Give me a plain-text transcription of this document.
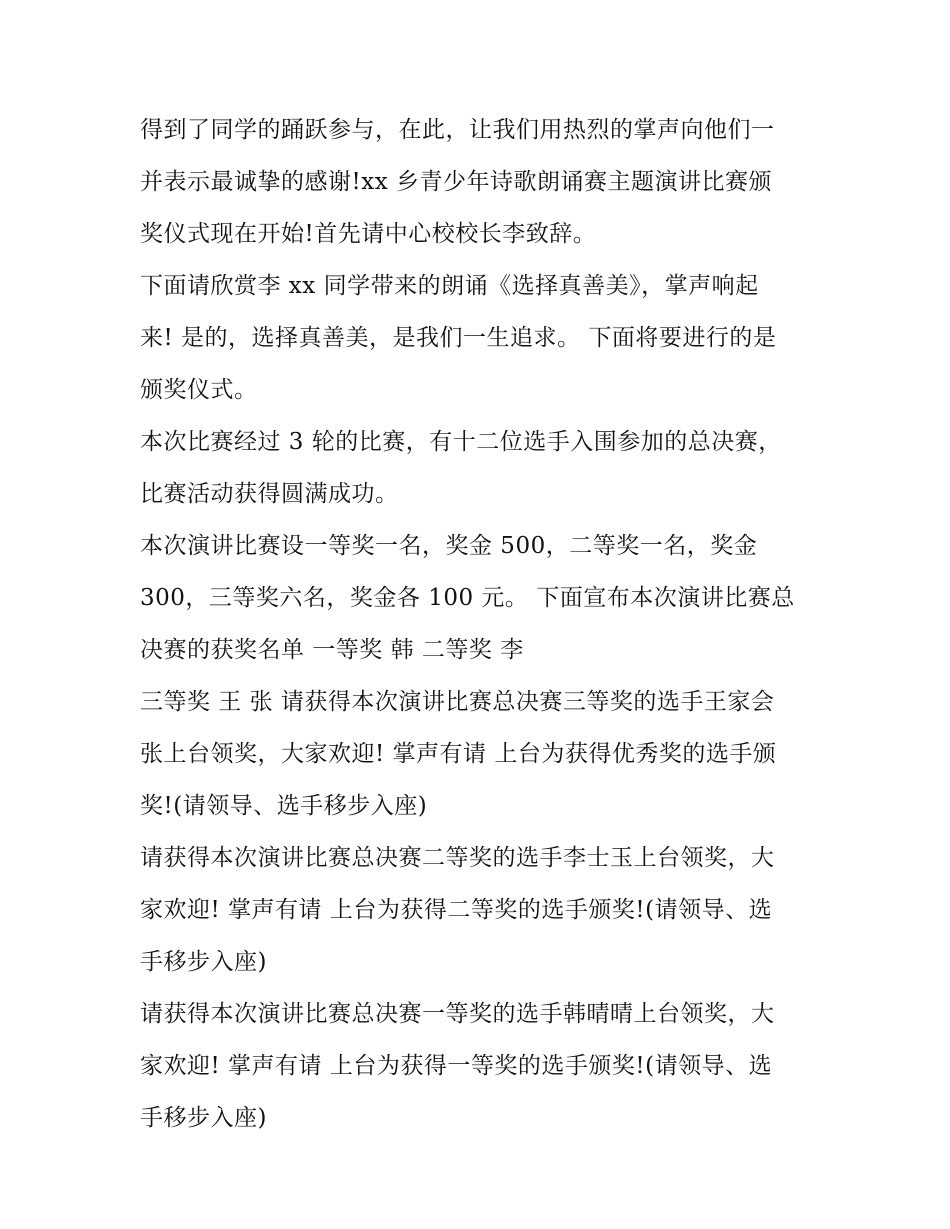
得到了同学的踊跃参与，在此，让我们用热烈的掌声向他们一
并表示最诚挚的感谢!xx 乡青少年诗歌朗诵赛主题演讲比赛颁
奖仪式现在开始!首先请中心校校长李致辞。
下面请欣赏李 xx 同学带来的朗诵《选择真善美》，掌声响起
来! 是的，选择真善美，是我们一生追求。 下面将要进行的是
颁奖仪式。
本次比赛经过 3 轮的比赛，有十二位选手入围参加的总决赛，
比赛活动获得圆满成功。
本次演讲比赛设一等奖一名，奖金 500，二等奖一名，奖金
300，三等奖六名，奖金各 100 元。 下面宣布本次演讲比赛总
决赛的获奖名单 一等奖 韩 二等奖 李
三等奖 王 张 请获得本次演讲比赛总决赛三等奖的选手王家会
张上台领奖，大家欢迎! 掌声有请 上台为获得优秀奖的选手颁
奖!(请领导、选手移步入座)
请获得本次演讲比赛总决赛二等奖的选手李士玉上台领奖，大
家欢迎! 掌声有请 上台为获得二等奖的选手颁奖!(请领导、选
手移步入座)
请获得本次演讲比赛总决赛一等奖的选手韩晴晴上台领奖，大
家欢迎! 掌声有请 上台为获得一等奖的选手颁奖!(请领导、选
手移步入座)
